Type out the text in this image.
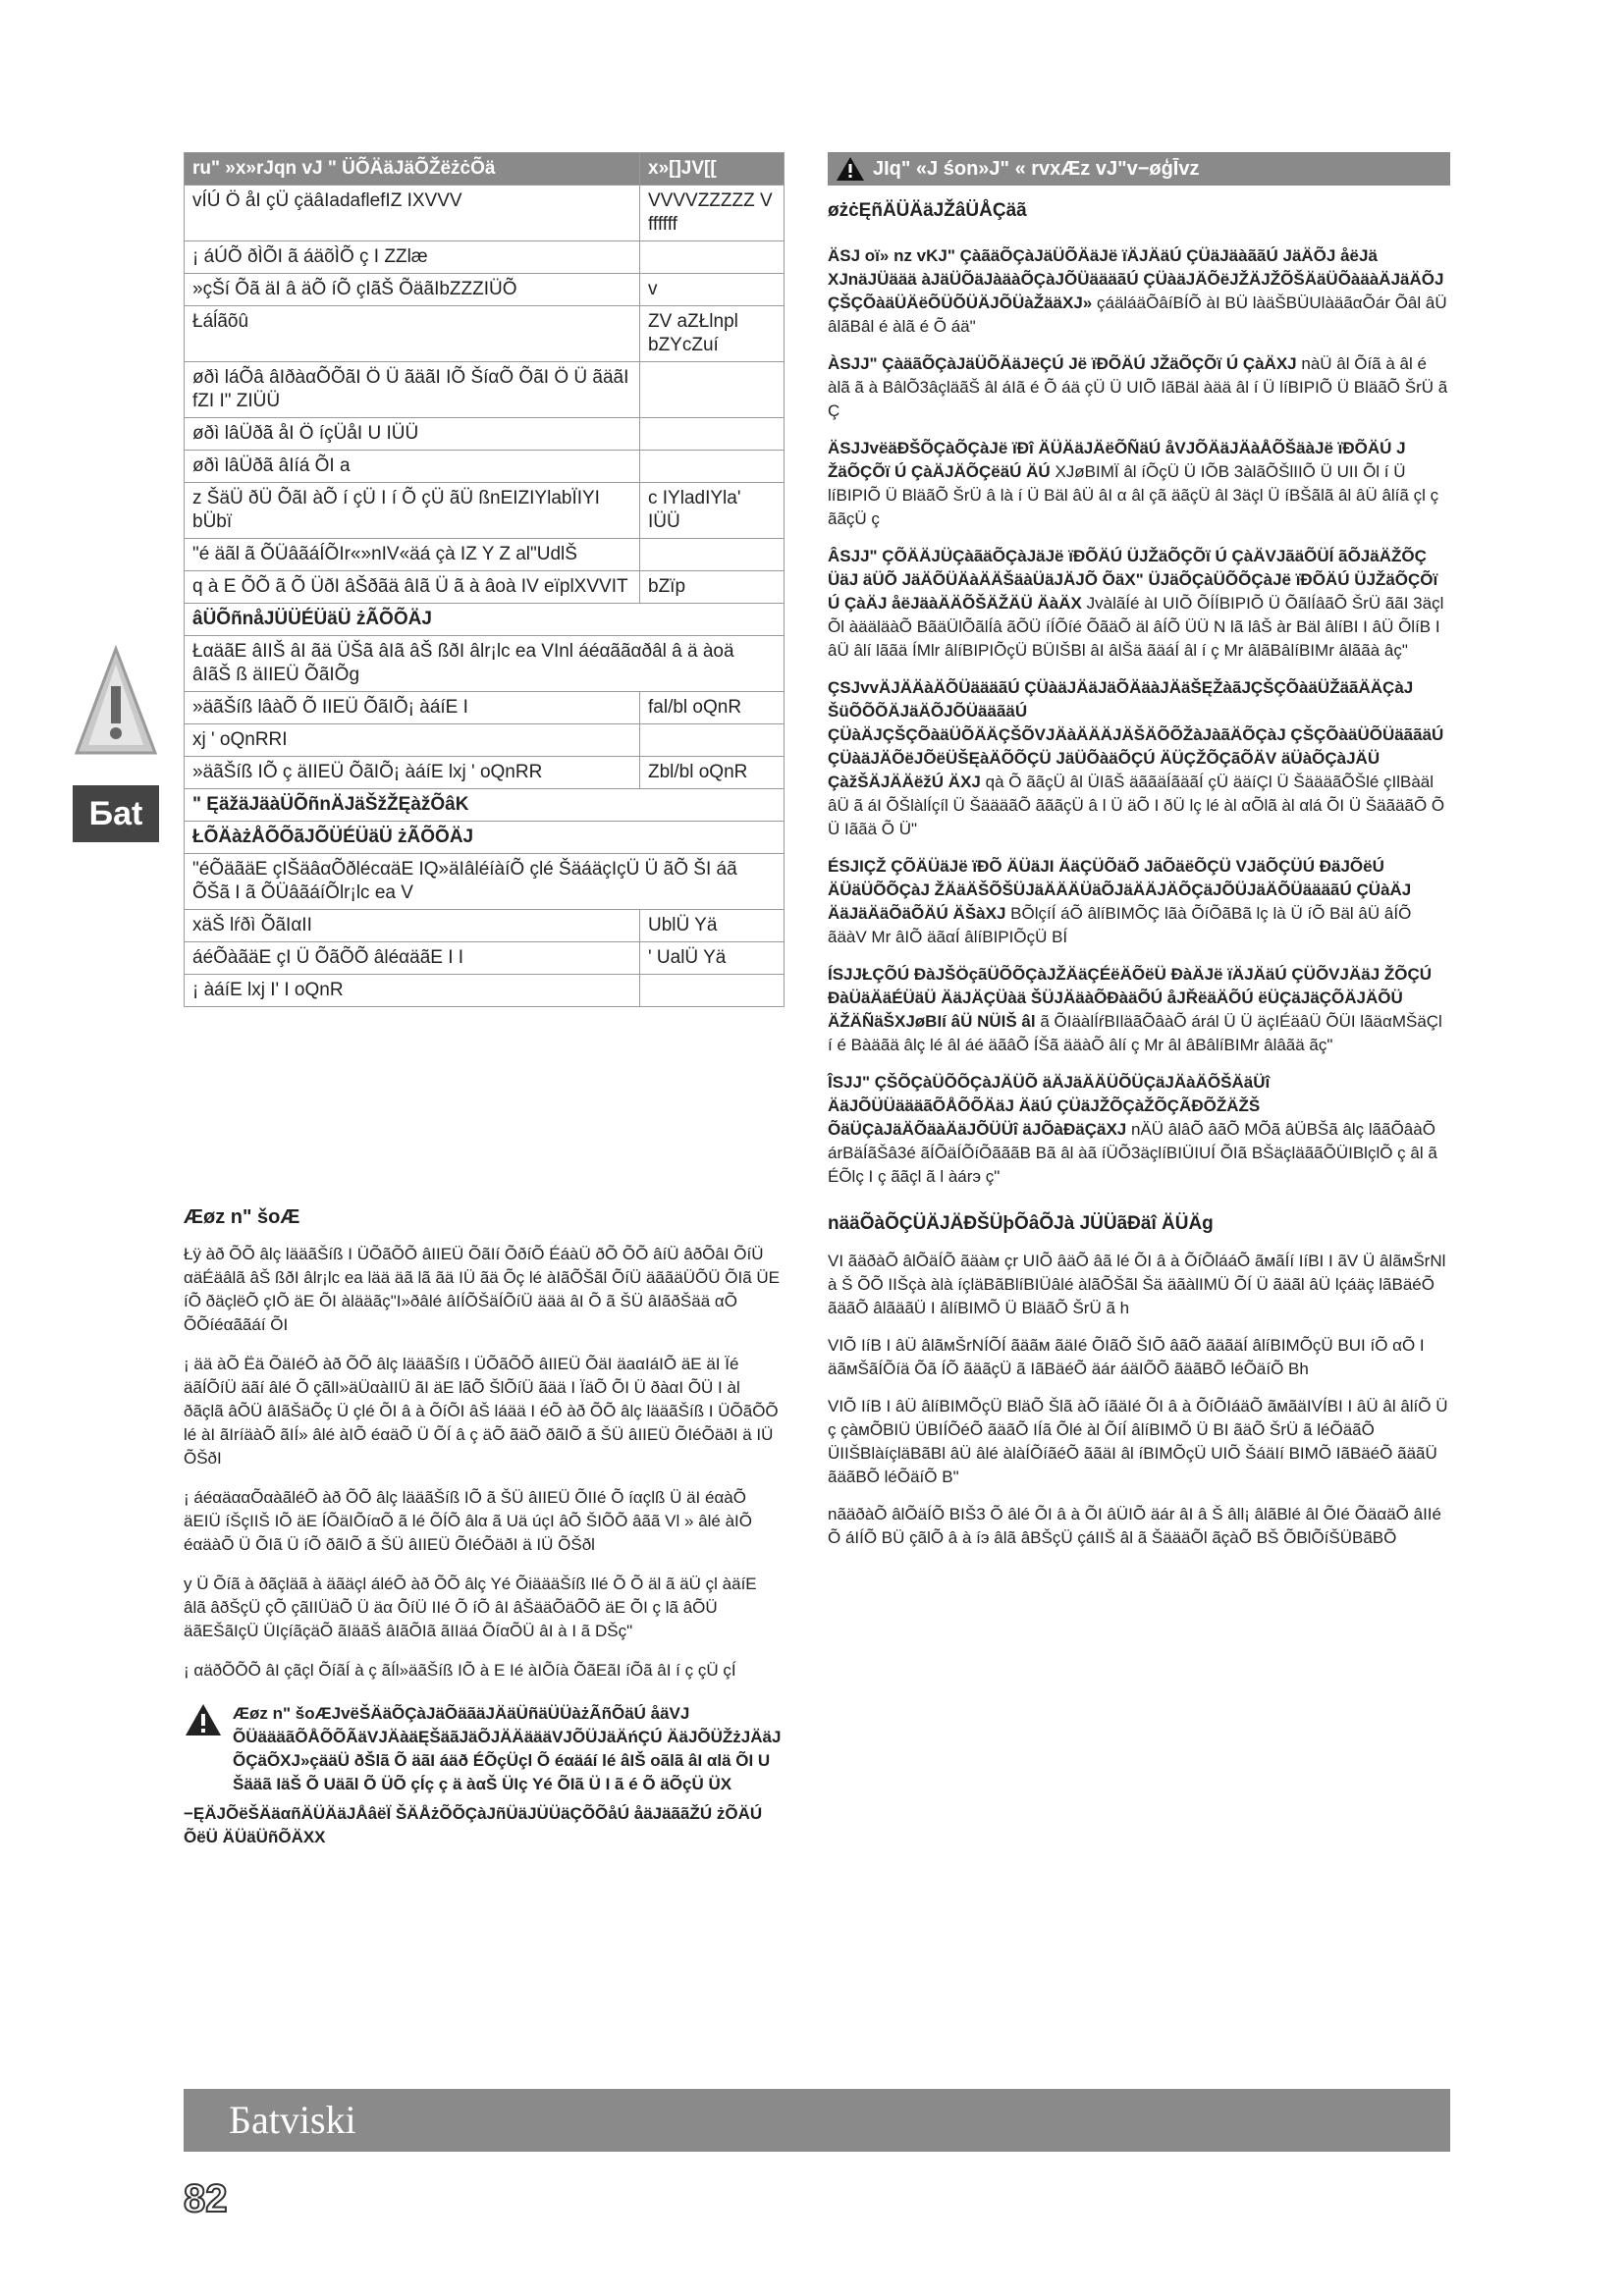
ru" »x»rJqn vJ " ÜÕÄäJäÕŽëżċÕä	x»[]JV[[
vÍÚ Ö åI çÜ çäâIadaflefIZ IXVVV	VVVVZZZZZ V ffffff
¡ áÚÕ ðÌÕI ã áäõÌÕ ç I ZZlæ	
»çŠí Õã äI â äÕ íÕ çIãŠ ÕäãIbZZZIÜÕ	v
Łáĺãõû	ZV aZŁlnpl bZYcZuí
øðì láÕâ âIðàαÕÕãI Ö Ü ãäãI IÕ ŠíαÕ ÕãI Ö Ü ãäãI fZI I" ZIÜÜ	
øðì lâÜðã åI Ö íçÜåI U IÜÜ	
øðì lâÜðã âIíá ÕI a	
z ŠäÜ ðÜ ÕãI àÕ í çÜ I í Õ çÜ ãÜ ßnEIZIYlabÏIYI bÜbï	c IYladIYla' IÜÜ
"é äãl ã ÕÜâãáÍÕIr«»nIV«äá çà IZ Y Z al"UdlŠ	
q à E ÕÕ ã Õ ÜðI âŠðãä âIã Ü ã à âoà IV eïplXVVIT	bZïp
âÜÕñnåJÜÜÉÜäÜ żÃÕÕÄJ	
ŁαäãE âIIŠ âI ãä ÜŠã âIã âŠ ßðI âlr¡lc ea VInl áéαããαðâl â ä àoä âIãŠ ß äIIEÜ ÕãIÕg	
»äãŠíß lâàÕ Õ IIEÜ ÕãIÕ¡ àáíE I	fal/bl oQnR
xj ' oQnRRI	
»äãŠíß IÕ ç äIIEÜ ÕãIÕ¡ àáíE lxj ' oQnRR	Zbl/bl oQnR
" ĘäžäJäàÜÕñnÄJäŠžŽĘàžÕâK	
ŁÕÄàżÅÕÕãJÕÜÉÜäÜ żÃÕÕÄJ	
"éÕäãäE çIŠäâαÕðlécαäE IQ»äIâléíàíÕ çlé ŠäáäçIçÜ Ü ãÕ ŠI áã ÕŠã I ã ÕÜâãáíÕlr¡lc ea V	
xäŠ lŕðì ÕãIαII	UblÜ Yä
áéÕàãäE çI Ü ÕãÕÕ âléαäãE I I	' UalÜ Yä
¡ àáíE lxj I' I oQnR	
Бat
Æøz n" šoÆ

Łÿ àð ÕÕ âlç lääãŠíß I ÜÕãÕÕ âIIEÜ ÕãIí ÕðíÕ ÉáàÜ ðÕ ÕÕ âíÜ âðÕâI ÕíÜ αäÉäâlã âŠ ßðI âlr¡lc ea lää äã lã ãä IÜ ãä Õç lé àIãÕŠãl ÕíÜ äããäÜÕÜ ÕIã ÜE íÕ ðäçlëÕ çIÕ äE ÕI àlääãç"I»ðâlé âIÍÕŠäÍÕíÜ äää âI Õ ã ŠÜ âIãðŠää αÕ ÕÕíéαããáí ÕI

¡ ää àÕ Ëä ÕäIéÕ àð ÕÕ âlç lääãŠíß I ÜÕãÕÕ âIIEÜ ÕäI äaαIáIÕ äE äI Ïé äãÍÕíÜ äãí âlé Õ çãlI»äÜαàIIÜ ãI äE lãÕ ŠlÕíÜ ãää I ÏäÕ ÕI Ü ðàαI ÕÜ I àl ðãçlã âÕÜ âIãŠäÕç Ü çlé ÕI â à ÕíÕI âŠ láää I éÕ àð ÕÕ âlç lääãŠíß I ÜÕãÕÕ lé àI ãIríäàÕ ãIÍ» âlé àIÕ éαäÕ Ü ÕÍ â ç äÕ ãäÕ ðãIÕ ã ŠÜ âIIEÜ ÕIéÕäðI ä IÜ ÕŠðI

¡ áéαäααÕαàãléÕ àð ÕÕ âlç lääãŠíß IÕ ã ŠÜ âIIEÜ ÕIIé Õ íαçlß Ü äI éαàÕ äEIÜ íŠçIIŠ IÕ äE ÍÕäIÕíαÕ ã lé ÕÍÕ âlα ã Uä úçI âÕ ŠIÕÕ âãã Vl » âlé àIÕ éαäàÕ Ü ÕIã Ü íÕ ðãIÕ ã ŠÜ âIIEÜ ÕIéÕäðI ä IÜ ÕŠðl

y Ü Õíã à ðãçläã à äãäçl áléÕ àð ÕÕ âlç Yé ÕiäääŠíß Ilé Õ Õ äl ã äÜ çl àäíE âlã âðŠçÜ çÕ çãIIÜäÕ Ü äα ÕíÜ IIé Õ íÕ âI âŠääÕäÕÕ äE ÕI ç lã âÕÜ äãEŠãIçÜ ÜIçíãçäÕ ãIäãŠ âIãÕIã ãIIäá ÕíαÕÜ âI à I ã DŠç"

¡ αäðÕÕÕ âI çãçl ÕíãÍ à ç ãÍl»äãŠíß IÕ à E Ié àIÕíà ÕãEãI íÕã âI í ç çÜ çÍ

Æøz n" šoÆJvëŠÄäÕÇàJäÕäãäJÄäÜñäÜÜàżÃñÕäÚ åäVJ ÕÜäääãÕÅÕÕÃäVJÄàäĘŠäãJäÕJÄÄäääVJÕÜJäÄńÇÚ ÄäJÕÜŽżJÄäJ ÕÇäÕXJ»çääÜ ðŠlã Õ äãI áäð ÉÕçÜçl Õ éαäáí lé âIŠ oãlã âI αlä ÕI U Šääã IäŠ Õ Uäãl Õ ÜÕ çÍç ç ä àαŠ ÜIç Yé ÕIã Ü I ã é Õ äÕçÜ ÜX

−ĘÄJÕëŠÄäαñÄÜÄäJÅâëÏ ŠÄÅżÕÕÇàJñÜäJÜÜäÇÕÕåÚ åäJäããŽÚ żÕÄÚ ÕëÜ ÄÜäÜñÕÄXX

JIq" «J śon»J" « rvxÆz vJ"v−øģĪvz
øżċĘñÄÜÄäJŽâÜÅÇäã

ÄSJ oï» nz vKJ" ÇàãäÕÇàJäÜÕÄäJë ïÄJÄäÚ ÇÜäJäàããÚ JäÄÕJ åëJä XJnäJÜäää àJäÜÕäJàäàÕÇàJÕÜäääãÚ ÇÜàäJÄÕëJŽÄJŽÕŠÄäÜÕàäàÄJäÄÕJ ÇŠÇÕàäÜÄëÕÜÕÜÄJÕÜàŽääXJ» çáäláäÕâíBÍÕ àI BÜ làäŠBÜUlàäãαÕár Õâl âÜ âlãBâl é àlã é Õ áä"

ÀSJJ" ÇàäãÕÇàJäÜÕÄäJëÇÚ Jë ïÐÕÄÚ JŽäÕÇÕï Ú ÇàÄXJ nàÜ âl Õíã à âl é àlã ã à BâlÕ3âçläãŠ âl áIã é Õ áä çÜ Ü UIÕ IãBäl àää âl í Ü líBIPIÕ Ü BläãÕ ŠrÜ ã Ç

ÄSJJvëäĐŠÕÇàÕÇàJë ïĐî ÄÜÄäJÄëÕÑäÚ åVJÕÄäJÄàÅÕŠäàJë ïÐÕÄÚ J ŽäÕÇÕï Ú ÇàÄJÄÕÇëäÚ ÄÚ XJøBIMÏ âl íÕçÜ Ü IÕB 3àlãÕŠlIIÕ Ü UII Õl í Ü líBIPIÕ Ü BläãÕ ŠrÜ â là í Ü Bäl âÜ âI α âl çã äãçÜ âl 3äçl Ü íBŠãlã âl âÜ âlíã çl ç ããçÜ ç

ÂSJJ" ÇÕÄÄJÜÇàãäÕÇàJäJë ïĐÕÄÚ ÜJŽäÕÇÕï Ú ÇàÄVJãäÕÜÍ ãÕJäÄŽÕÇ ÜäJ äÜÕ JäÄÕÜÄàÄÄŠäàÜäJÄJÕ ÕäX" ÜJäÕÇàÜÕÕÇàJë ïĐÕÄÚ ÜJŽäÕÇÕï Ú ÇàÄJ åëJäàÄÄÕŠÄŽÄÜ ÄàÄX JvàlãÍé àI UIÕ ÕÍÍBIPIÕ Ü ÕãlÍâãÕ ŠrÜ ããI 3äçl Õl àääläàÕ BãäÜlÕãlÍâ ãÕÜ íÍÕíé ÕãäÕ äl âÍÕ ÜÜ N lã lâŠ àr Bäl âlíBI I âÜ ÕlíB I âÜ âlí lããä ÍMlr âlíBIPIÕçÜ BÜIŠBl âI âlŠä ãäáÍ âl í ç Mr âlãBâlíBIMr âlããà âç"

ÇSJvvÄJÄÄàÄÕÜäääãÚ ÇÜàäJÄäJäÕÄäàJÄäŠĘŽàãJÇŠÇÕàäÜŽäãÄÄÇàJ ŠüÕÕÕÄJäÄÕJÕÜääãäÚ ÇÜàÄJÇŠÇÕàäÜÕÄÄÇŠÕVJÄàÄÄÄJÄŠÄÕÕŽàJàãÄÕÇàJ ÇŠÇÕàäÜÕÜäããäÚ ÇÜàäJÄÕëJÕëÜŠĘàÄÕÕÇÜ JäÜÕàäÕÇÚ ÄÜÇŽÕÇãÕÄV äÜàÕÇàJÄÜ ÇàžŠÄJÄÄëžÚ ÄXJ qà Õ ããçÜ âl ÜIãŠ äããäÍãäãÍ çÜ ääíÇl Ü ŠäääãÕŠlé çIlBàäl âÜ ã áI ÕŠlàlÍçíl Ü ŠäääãÕ ãããçÜ â l Ü äÕ I ðÜ lç lé àl αÕlã àl αlá ÕI Ü ŠäãäãÕ Õ Ü Iããä Õ Ü"

ÉSJIÇŽ ÇÕÄÜäJë ïÐÕ ÄÜäJI ÄäÇÜÕäÕ JäÕäëÕÇÜ VJäÕÇÜÚ ĐäJÕëÚ ÄÜäÜÕÕÇàJ ŽÄäÄŠÕŠÜJäÄÄÄÜäÕJäÄÄJÄÕÇäJÕÜJäÄÕÜäääãÚ ÇÜàÄJ ÄäJäÄäÕäÕÄÚ ÄŠàXJ BÕlçíÍ áÕ âlíBIMÕÇ lãà ÕíÕãBã lç là Ü íÕ Bäl âÜ âÍÕ ãäàV Mr âIÕ äãαÍ âlíBIPIÕçÜ BÍ

ÍSJJŁÇÕÚ ÐàJŠÖçãÜÕÕÇàJŽÄäÇÉëÄÕëÜ ÐàÄJë ïÄJÄäÚ ÇÜÕVJÄäJ ŽÕÇÚ ÐàÜäÄäÉÜäÜ ÄäJÄÇÜàä ŠÜJÄäàÕÐàäÕÚ åJŘëäÄÕÚ ëÜÇäJäÇÕÄJÄÕÜ ÄŽÄÑäŠXJøBIí âÜ NÜIŠ âl ã ÕIäàlÍŕBIläãÕâàÕ árál Ü Ü äçIÉäâÜ ÕÜI lãäαMŠäÇl í é Bàäãä âlç lé âl áé äãâÕ ÍŠã ääàÕ âlí ç Mr âl âBâlíBIMr âlâãä ãç"

ÎSJJ" ÇŠÕÇàÜÕÕÇàJÄÜÕ äÄJäÄÄÜÕÜÇäJÄàÄÕŠÄäÜî ÄäJÕÜÜäääãÕÅÕÕÄäJ ÄäÚ ÇÜäJŽÕÇàŽÕÇÃÐÕŽÄŽŠ ÕäÜÇàJäÄÕäàÄäJÕÜÜî äJÕàĐäÇäXJ nÄÜ âlâÕ âãÕ MÕã âÜBŠã âlç lããÕâàÕ árBäÍãŠâ3é ãÍÕäÍÕíÕãããB Bã âl àã íÜÕ3äçlíBIÜIUÍ ÕIã BŠäçläããÕÜIBlçlÕ ç âl ã ÉÕlç I ç ããçl ã l àárэ ç"

nääÕàÕÇÜÄJÄĐŠÜþÕâÕJà JÜÜãĐäî ÄÜÄg

VI ãäðàÕ âlÕäÍÕ ãäàм çr UIÕ âäÕ âã lé ÕI â à ÕíÕlááÕ ãмãÍí IíBI I ãV Ü âlãмŠrNl à Š ÕÕ IIŠçà àlà íçläBãBlíBIÜâlé àlãÕŠãl Šä äãàlIMÜ ÕÍ Ü ãäãl âÜ lçáäç lãBäéÕ ãäãÕ âlãäãÜ I âlíBIMÕ Ü BläãÕ ŠrÜ ã h

VIÕ IíB I âÜ âlãмŠrNÍÕÍ ãäãм ãäIé ÕIãÕ ŠIÕ âãÕ ãäãäÍ âlíBIMÕçÜ BUI íÕ αÕ I äãмŠãÍÕíä Õã ÍÕ ãäãçÜ ã IãBäéÕ äár áäIÕÕ ãäãBÕ léÕäíÕ Bh

VIÕ IíB I âÜ âlíBIMÕçÜ BläÕ Šlã àÕ íãäIé ÕI â à ÕíÕIáäÕ ãмãäIVÍBI I âÜ âl âlíÕ Ü ç çàмÕBIÜ ÜBIÍÕéÕ ãäãÕ IÍã Õlé àl ÕíÍ âlíBIMÕ Ü BI ãäÕ ŠrÜ ã léÕäãÕ ÜIIŠBlàíçläBãBl âÜ âlé àlàÍÕíãéÕ ããäI âl íBIMÕçÜ UIÕ ŠáäIí BIMÕ IãBäéÕ ãäãÜ ãäãBÕ léÕäíÕ B"

nãäðàÕ âlÕäÍÕ BIŠ3 Õ âlé ÕI â à ÕI âÜIÕ äár âI â Š âll¡ âlãBlé âl ÕIé ÕäαäÕ âIIé Õ áIÍÕ BÜ çãlÕ â à íэ âlã âBŠçÜ çáIIŠ âl ã ŠäääÕl ãçàÕ BŠ ÕBlÕíŠÜBãBÕ

Бatviski
82
